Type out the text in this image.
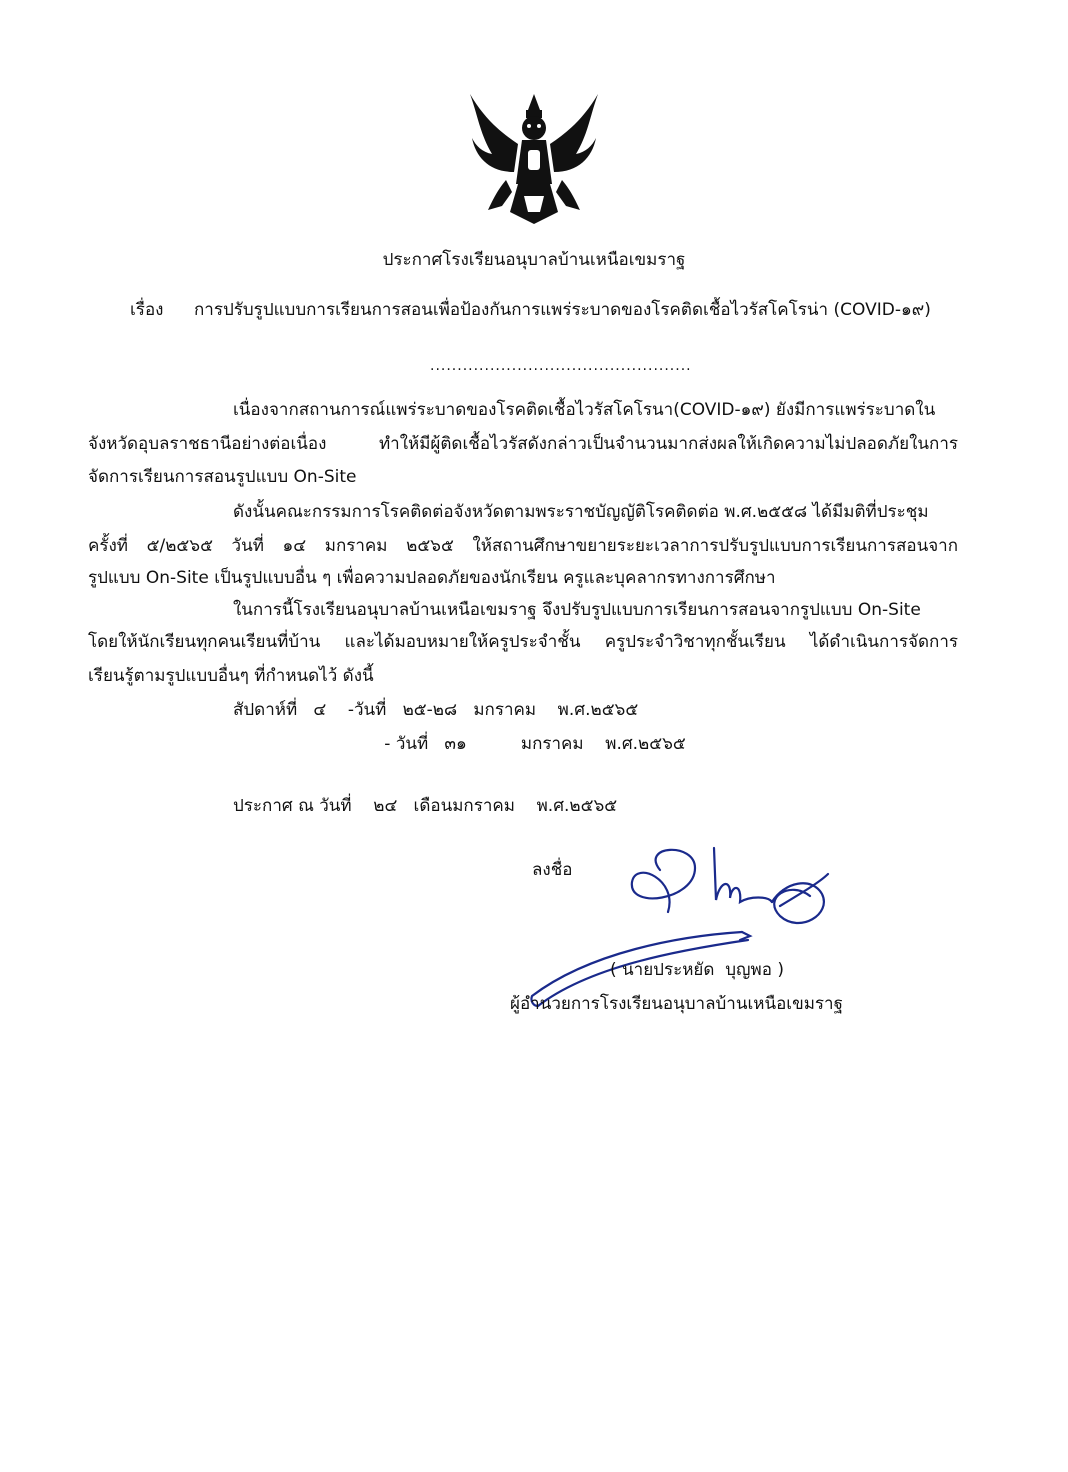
ประกาศโรงเรียนอนุบาลบ้านเหนือเขมราฐ
เรื่อง การปรับรูปแบบการเรียนการสอนเพื่อป้องกันการแพร่ระบาดของโรคติดเชื้อไวรัสโคโรน่า (COVID-๑๙)
................................................
เนื่องจากสถานการณ์แพร่ระบาดของโรคติดเชื้อไวรัสโคโรนา(COVID-๑๙) ยังมีการแพร่ระบาดใน
จังหวัดอุบลราชธานีอย่างต่อเนื่อง ทำให้มีผู้ติดเชื้อไวรัสดังกล่าวเป็นจำนวนมากส่งผลให้เกิดความไม่ปลอดภัยในการ
จัดการเรียนการสอนรูปแบบ On-Site
ดังนั้นคณะกรรมการโรคติดต่อจังหวัดตามพระราชบัญญัติโรคติดต่อ พ.ศ.๒๕๕๘ ได้มีมติที่ประชุม
ครั้งที่ ๕/๒๕๖๕ วันที่ ๑๔ มกราคม ๒๕๖๕ ให้สถานศึกษาขยายระยะเวลาการปรับรูปแบบการเรียนการสอนจาก
รูปแบบ On-Site เป็นรูปแบบอื่น ๆ เพื่อความปลอดภัยของนักเรียน ครูและบุคลากรทางการศึกษา
ในการนี้โรงเรียนอนุบาลบ้านเหนือเขมราฐ จึงปรับรูปแบบการเรียนการสอนจากรูปแบบ On-Site
โดยให้นักเรียนทุกคนเรียนที่บ้าน และได้มอบหมายให้ครูประจำชั้น ครูประจำวิชาทุกชั้นเรียน ได้ดำเนินการจัดการ
เรียนรู้ตามรูปแบบอื่นๆ ที่กำหนดไว้ ดังนี้
สัปดาห์ที่   ๔    -วันที่   ๒๕-๒๘   มกราคม    พ.ศ.๒๕๖๕
- วันที่   ๓๑          มกราคม    พ.ศ.๒๕๖๕
ประกาศ ณ วันที่    ๒๔   เดือนมกราคม    พ.ศ.๒๕๖๕
ลงชื่อ
( นายประหยัด  บุญพอ )
ผู้อำนวยการโรงเรียนอนุบาลบ้านเหนือเขมราฐ
